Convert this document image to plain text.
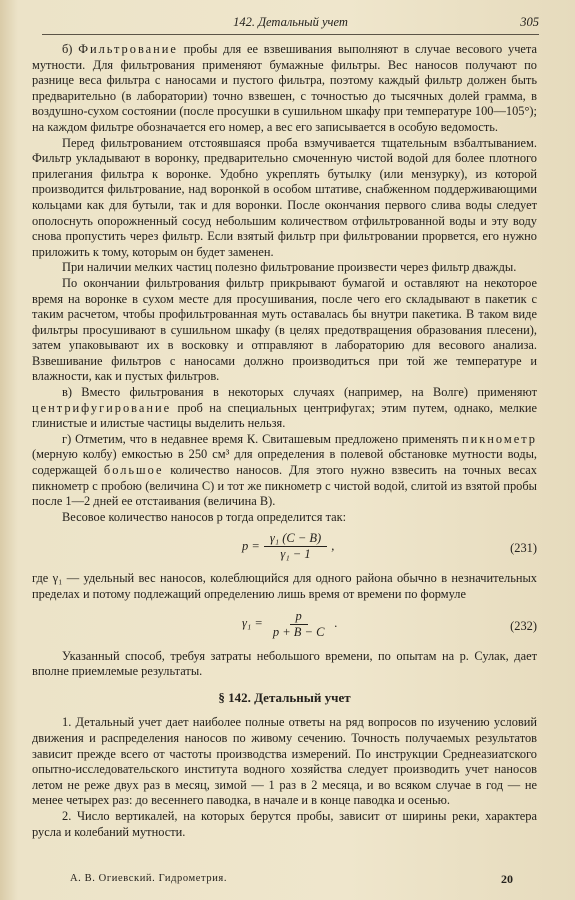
142. Детальный учет	305

б) Фильтрование пробы для ее взвешивания выполняют в случае весового учета мутности. Для фильтрования применяют бумажные фильтры. Вес наносов получают по разнице веса фильтра с наносами и пустого фильтра, поэтому каждый фильтр должен быть предварительно (в лаборатории) точно взвешен, с точностью до тысячных долей грамма, в воздушно-сухом состоянии (после просушки в сушильном шкафу при температуре 100—105°); на каждом фильтре обозначается его номер, а вес его записывается в особую ведомость.

Перед фильтрованием отстоявшаяся проба взмучивается тщательным взбалтыванием. Фильтр укладывают в воронку, предварительно смоченную чистой водой для более плотного прилегания фильтра к воронке. Удобно укреплять бутылку (или мензурку), из которой производится фильтрование, над воронкой в особом штативе, снабженном поддерживающими кольцами как для бутыли, так и для воронки. После окончания первого слива воды следует ополоснуть опорожненный сосуд небольшим количеством отфильтрованной воды и эту воду снова пропустить через фильтр. Если взятый фильтр при фильтровании прорвется, его нужно приложить к тому, которым он будет заменен.

При наличии мелких частиц полезно фильтрование произвести через фильтр дважды.

По окончании фильтрования фильтр прикрывают бумагой и оставляют на некоторое время на воронке в сухом месте для просушивания, после чего его складывают в пакетик с таким расчетом, чтобы профильтрованная муть оставалась бы внутри пакетика. В таком виде фильтры просушивают в сушильном шкафу (в целях предотвращения образования плесени), затем упаковывают их в восковку и отправляют в лабораторию для весового анализа. Взвешивание фильтров с наносами должно производиться при той же температуре и влажности, как и пустых фильтров.

в) Вместо фильтрования в некоторых случаях (например, на Волге) применяют центрифугирование проб на специальных центрифугах; этим путем, однако, мелкие глинистые и илистые частицы выделить нельзя.

г) Отметим, что в недавнее время К. Свиташевым предложено применять пикнометр (мерную колбу) емкостью в 250 см³ для определения в полевой обстановке мутности воды, содержащей большое количество наносов. Для этого нужно взвесить на точных весах пикнометр с пробою (величина C) и тот же пикнометр с чистой водой, слитой из взятой пробы после 1—2 дней ее отстаивания (величина B).

Весовое количество наносов p тогда определится так:

$p = \frac{\text{γ₁ (C − B)}}{\text{γ₁ − 1}}$ ,	(231)

где γ₁ — удельный вес наносов, колеблющийся для одного района обычно в незначительных пределах и потому подлежащий определению лишь время от времени по формуле

$\gamma_1 = \frac{p}{p + B - C}$ .	(232)

Указанный способ, требуя затраты небольшого времени, по опытам на р. Сулак, дает вполне приемлемые результаты.

§ 142. Детальный учет

1. Детальный учет дает наиболее полные ответы на ряд вопросов по изучению условий движения и распределения наносов по живому сечению. Точность получаемых результатов зависит прежде всего от частоты производства измерений. По инструкции Среднеазиатского опытно-исследовательского института водного хозяйства следует производить учет наносов летом не реже двух раз в месяц, зимой — 1 раз в 2 месяца, и во всяком случае в год — не менее четырех раз: до весеннего паводка, в начале и в конце паводка и осенью.

2. Число вертикалей, на которых берутся пробы, зависит от ширины реки, характера русла и колебаний мутности.

А. В. Огиевский. Гидрометрия.	20
